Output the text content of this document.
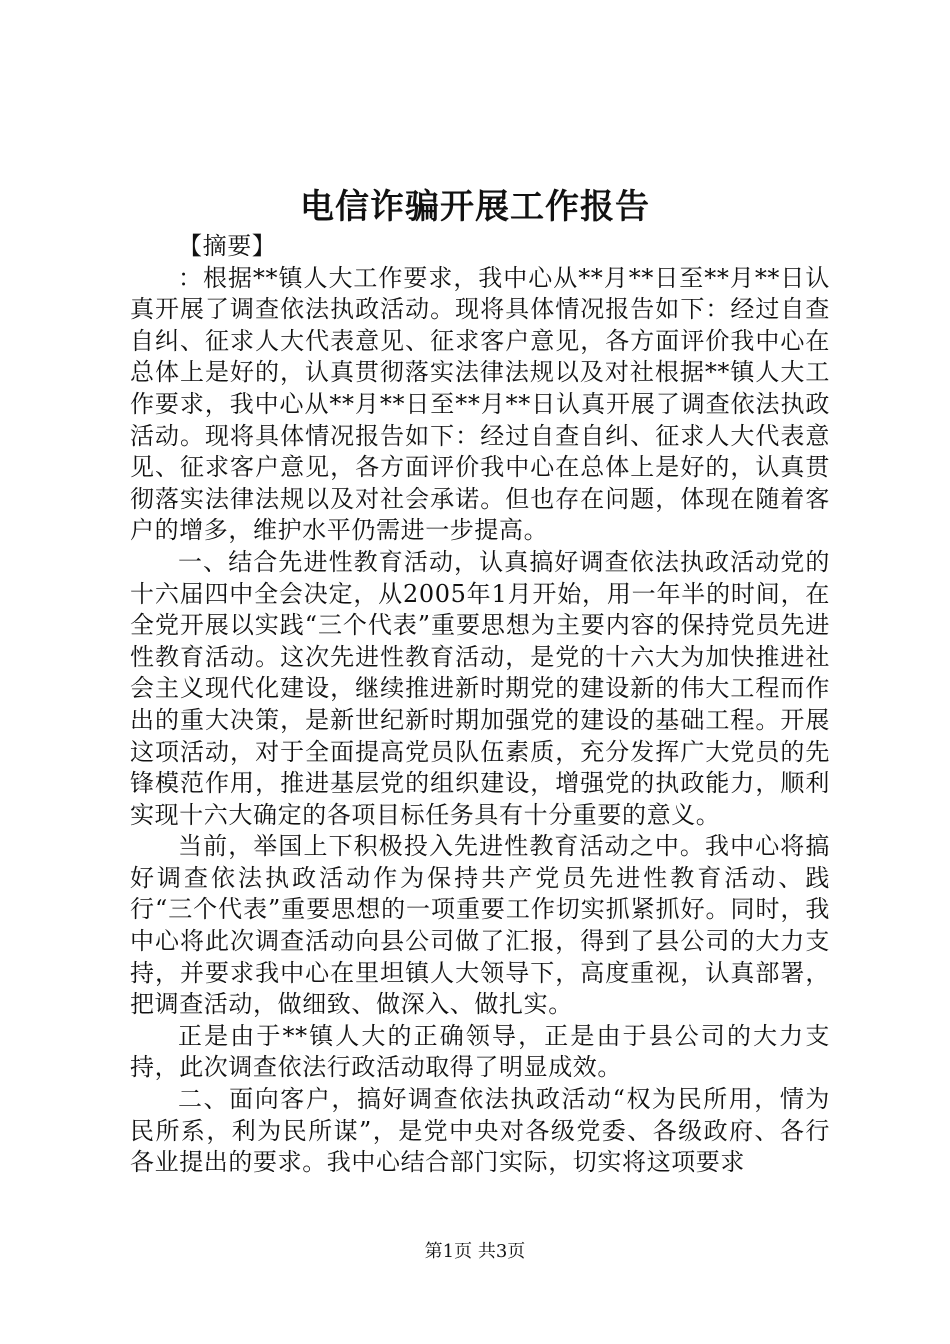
电信诈骗开展工作报告

【摘要】

：根据**镇人大工作要求，我中心从**月**日至**月**日认真开展了调查依法执政活动。现将具体情况报告如下：经过自查自纠、征求人大代表意见、征求客户意见，各方面评价我中心在总体上是好的，认真贯彻落实法律法规以及对社根据**镇人大工作要求，我中心从**月**日至**月**日认真开展了调查依法执政活动。现将具体情况报告如下：经过自查自纠、征求人大代表意见、征求客户意见，各方面评价我中心在总体上是好的，认真贯彻落实法律法规以及对社会承诺。但也存在问题，体现在随着客户的增多，维护水平仍需进一步提高。

一、结合先进性教育活动，认真搞好调查依法执政活动党的十六届四中全会决定，从2005年1月开始，用一年半的时间，在全党开展以实践“三个代表”重要思想为主要内容的保持党员先进性教育活动。这次先进性教育活动，是党的十六大为加快推进社会主义现代化建设，继续推进新时期党的建设新的伟大工程而作出的重大决策，是新世纪新时期加强党的建设的基础工程。开展这项活动，对于全面提高党员队伍素质，充分发挥广大党员的先锋模范作用，推进基层党的组织建设，增强党的执政能力，顺利实现十六大确定的各项目标任务具有十分重要的意义。

当前，举国上下积极投入先进性教育活动之中。我中心将搞好调查依法执政活动作为保持共产党员先进性教育活动、践行“三个代表”重要思想的一项重要工作切实抓紧抓好。同时，我中心将此次调查活动向县公司做了汇报，得到了县公司的大力支持，并要求我中心在里坦镇人大领导下，高度重视，认真部署，把调查活动，做细致、做深入、做扎实。

正是由于**镇人大的正确领导，正是由于县公司的大力支持，此次调查依法行政活动取得了明显成效。

二、面向客户，搞好调查依法执政活动“权为民所用，情为民所系，利为民所谋”，是党中央对各级党委、各级政府、各行各业提出的要求。我中心结合部门实际，切实将这项要求

第1页 共3页
